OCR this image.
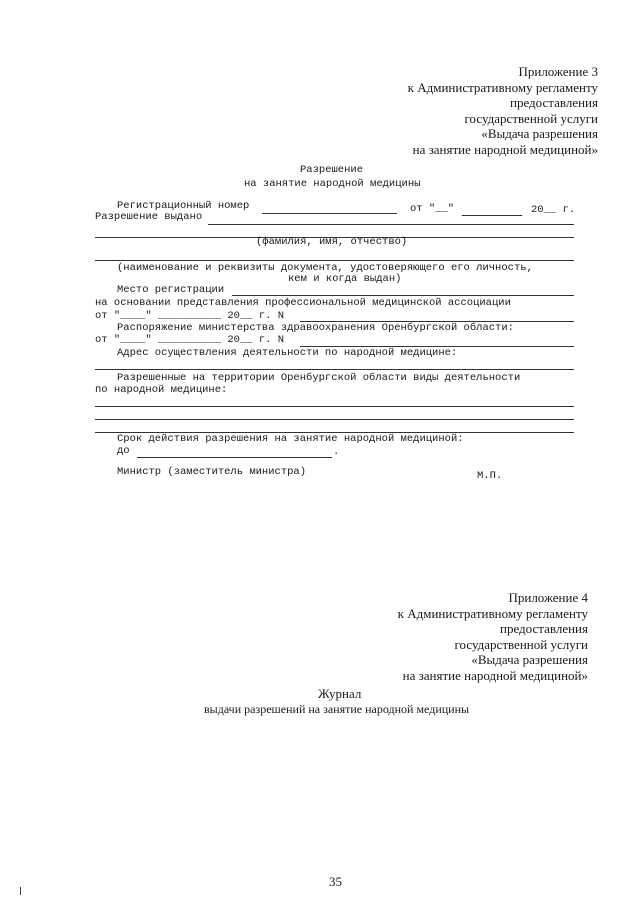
Приложение 3
к Административному регламенту
предоставления
государственной услуги
«Выдача разрешения
на занятие народной медициной»
Разрешение
на занятие народной медицины
Регистрационный номер	от "__"	20__ г.
Разрешение выдано
(фамилия, имя, отчество)
(наименование и реквизиты документа, удостоверяющего его личность,
кем и когда выдан)
Место регистрации
на основании представления профессиональной медицинской ассоциации
от "____" __________ 20__ г. N
Распоряжение министерства здравоохранения Оренбургской области:
от "____" __________ 20__ г. N
Адрес осуществления деятельности по народной медицине:
Разрешенные на территории Оренбургской области виды деятельности
по народной медицине:
Срок действия разрешения на занятие народной медициной:
до	.
Министр (заместитель министра)	М.П.
Приложение 4
к Административному регламенту
предоставления
государственной услуги
«Выдача разрешения
на занятие народной медициной»
Журнал
выдачи разрешений на занятие народной медицины
35
